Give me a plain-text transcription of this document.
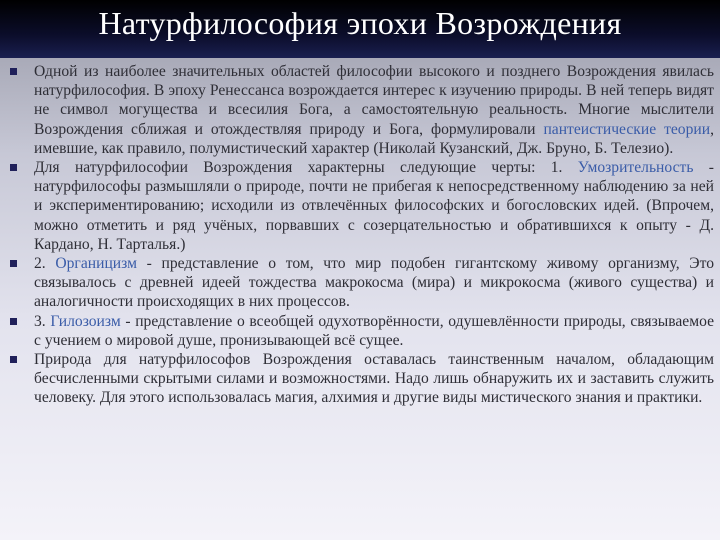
Натурфилософия эпохи Возрождения
Одной из наиболее значительных областей философии высокого и позднего Возрождения явилась натурфилософия. В эпоху Ренессанса возрождается интерес к изучению природы. В ней теперь видят не символ могущества и всесилия Бога, а самостоятельную реальность. Многие мыслители Возрождения сближая и отождествляя природу и Бога, формулировали пантеистические теории, имевшие, как правило, полумистический характер (Николай Кузанский, Дж. Бруно, Б. Телезио).
Для натурфилософии Возрождения характерны следующие черты: 1. Умозрительность - натурфилософы размышляли о природе, почти не прибегая к непосредственному наблюдению за ней и экспериментированию; исходили из отвлечённых философских и богословских идей. (Впрочем, можно отметить и ряд учёных, порвавших с созерцательностью и обратившихся к опыту - Д. Кардано, Н. Тарталья.)
2. Органицизм - представление о том, что мир подобен гигантскому живому организму, Это связывалось с древней идеей тождества макрокосма (мира) и микрокосма (живого существа) и аналогичности происходящих в них процессов.
3. Гилозоизм - представление о всеобщей одухотворённости, одушевлённости природы, связываемое с учением о мировой душе, пронизывающей всё сущее.
Природа для натурфилософов Возрождения оставалась таинственным началом, обладающим бесчисленными скрытыми силами и возможностями. Надо лишь обнаружить их и заставить служить человеку. Для этого использовалась магия, алхимия и другие виды мистического знания и практики.
